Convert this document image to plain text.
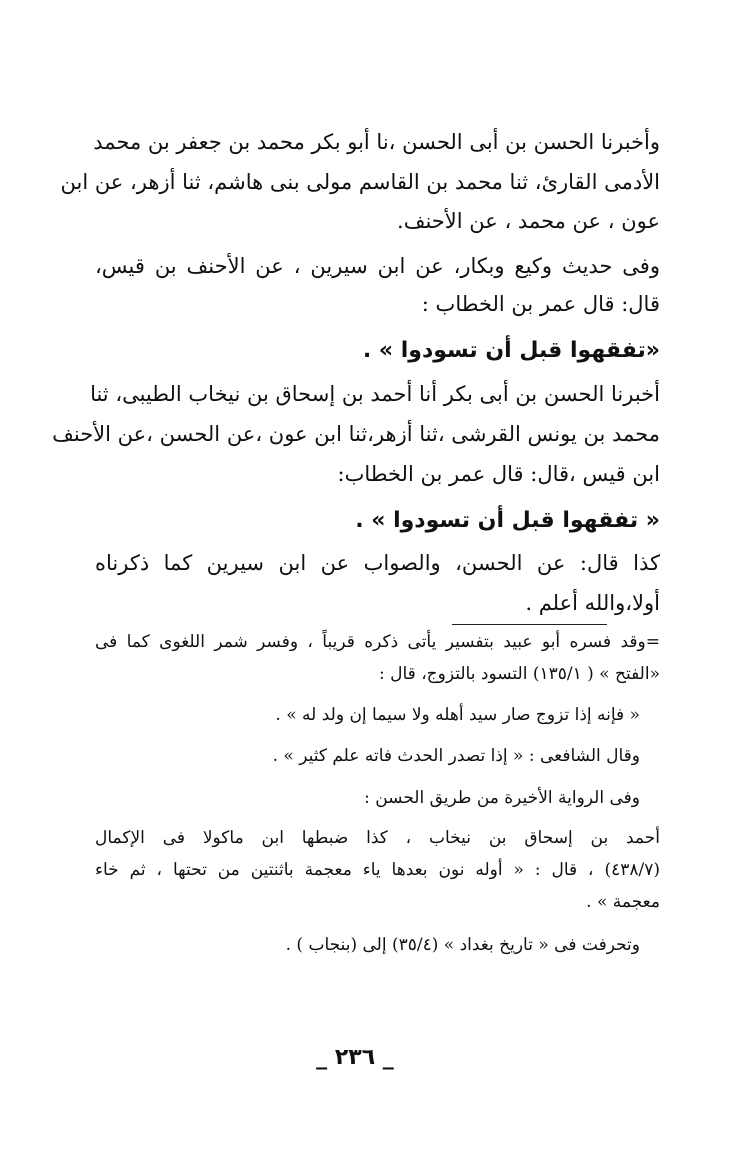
وأخبرنا الحسن بن أبى الحسن ،نا أبو بكر محمد بن جعفر بن محمد
الأدمى القارئ، ثنا محمد بن القاسم مولى بنى هاشم، ثنا أزهر، عن ابن
عون ، عن محمد ، عن الأحنف.
وفى حديث وكيع وبكار، عن ابن سيرين ، عن الأحنف بن قيس،
قال: قال عمر بن الخطاب :
«تفقهوا قبل أن تسودوا » .
أخبرنا الحسن بن أبى بكر أنا أحمد بن إسحاق بن نيخاب الطيبى، ثنا
محمد بن يونس القرشى ،ثنا أزهر،ثنا ابن عون ،عن الحسن ،عن الأحنف
ابن قيس ،قال: قال عمر بن الخطاب:
« تفقهوا قبل أن تسودوا » .
كذا قال: عن الحسن، والصواب عن ابن سيرين كما ذكرناه
أولا،والله أعلم .
=وقد فسره أبو عبيد بتفسير يأتى ذكره قريباً ، وفسر شمر اللغوى كما فى
«الفتح » ( ١٣٥/١) التسود بالتزوج، قال :
« فإنه إذا تزوج صار سيد أهله ولا سيما إن ولد له » .
وقال الشافعى : « إذا تصدر الحدث فاته علم كثير » .
وفى الرواية الأخيرة من طريق الحسن :
أحمد بن إسحاق بن نيخاب ، كذا ضبطها ابن ماكولا فى الإكمال
(٤٣٨/٧) ، قال : « أوله نون بعدها ياء معجمة باثنتين من تحتها ، ثم خاء
معجمة » .
وتحرفت فى « تاريخ بغداد » (٣٥/٤) إلى (بنجاب ) .
_ ٢٣٦ _
